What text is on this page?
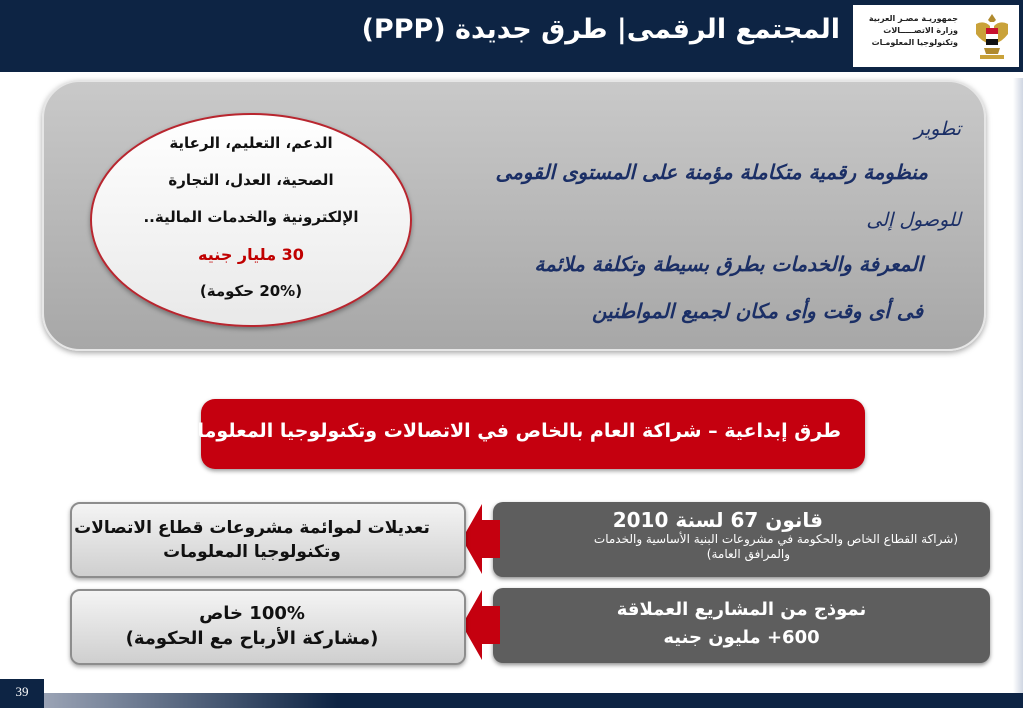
المجتمع الرقمى| طرق جديدة (PPP)	جمهوريـة مصـر العربية
وزارة الاتصـــــالات
وتكنولوجيا المعلومـات
تطوير
منظومة رقمية متكاملة مؤمنة على المستوى القومى
للوصول إلى
المعرفة والخدمات بطرق بسيطة وتكلفة ملائمة
فى أى وقت وأى مكان لجميع المواطنين
الدعم، التعليم، الرعاية
الصحية، العدل، التجارة
الإلكترونية والخدمات المالية..
30 مليار جنيه
(20% حكومة)
طرق إبداعية – شراكة العام بالخاص في الاتصالات وتكنولوجيا المعلومات
قانون 67 لسنة 2010
(شراكة القطاع الخاص والحكومة في مشروعات البنية الأساسية والخدمات
والمرافق العامة)
تعديلات لموائمة مشروعات قطاع الاتصالات
وتكنولوجيا المعلومات
نموذج من المشاريع العملاقة
600+ مليون جنيه
100% خاص
(مشاركة الأرباح مع الحكومة)
39
